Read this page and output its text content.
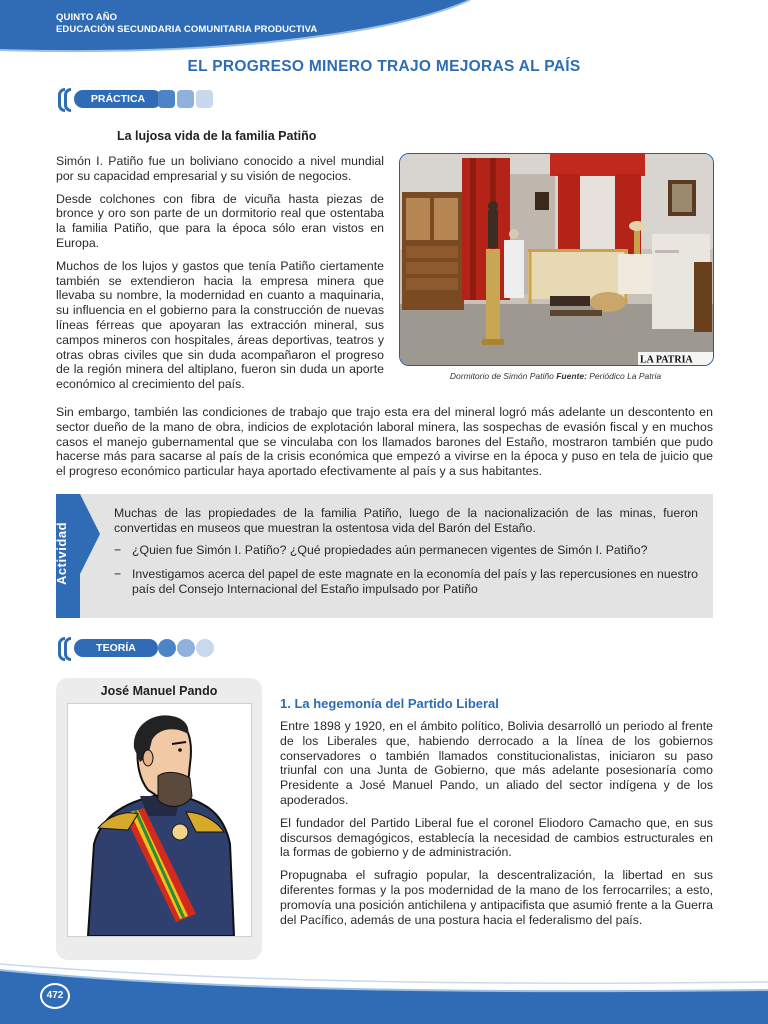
QUINTO AÑO
EDUCACIÓN SECUNDARIA COMUNITARIA PRODUCTIVA
EL PROGRESO MINERO TRAJO MEJORAS AL PAÍS
PRÁCTICA
La lujosa vida de la familia Patiño

Simón I. Patiño fue un boliviano conocido a nivel mundial por su capacidad empresarial y su visión de negocios.

Desde colchones con fibra de vicuña hasta piezas de bronce y oro son parte de un dormitorio real que ostentaba la familia Patiño, que para la época sólo eran vistos en Europa.

Muchos de los lujos y gastos que tenía Patiño ciertamente también se extendieron hacia la empresa minera que llevaba su nombre, la modernidad en cuanto a maquinaria, su influencia en el gobierno para la construcción de nuevas líneas férreas que apoyaran las extracción mineral, sus campos mineros con hospitales, áreas deportivas, teatros y otras obras civiles que sin duda acompañaron el progreso de la región minera del altiplano, fueron sin duda un aporte económico al crecimiento del país.

LA PATRIA
Dormitorio de Simón Patiño Fuente: Periódico La Patria

Sin embargo, también las condiciones de trabajo que trajo esta era del mineral logró más adelante un descontento en sector dueño de la mano de obra, indicios de explotación laboral minera, las sospechas de evasión fiscal y en muchos casos el manejo gubernamental que se vinculaba con los llamados barones del Estaño, mostraron también que pudo hacerse más para sacarse al país de la crisis económica que empezó a vivirse en la época y puso en tela de juicio que el progreso económico particular haya aportado efectivamente al país y a sus habitantes.

Actividad

Muchas de las propiedades de la familia Patiño, luego de la nacionalización de las minas, fueron convertidas en museos que muestran la ostentosa vida del Barón del Estaño.

− ¿Quien fue Simón I. Patiño? ¿Qué propiedades aún permanecen vigentes de Simón I. Patiño?

− Investigamos acerca del papel de este magnate en la economía del país y las repercusiones en nuestro país del Consejo Internacional del Estaño impulsado por Patiño

TEORÍA
José Manuel Pando
1. La hegemonía del Partido Liberal

Entre 1898 y 1920, en el ámbito político, Bolivia desarrolló un periodo al frente de los Liberales que, habiendo derrocado a la línea de los gobiernos conservadores o también llamados constitucionalistas, iniciaron su paso triunfal con una Junta de Gobierno, que más adelante posesionaría como Presidente a José Manuel Pando, un aliado del sector indígena y de los apoderados.

El fundador del Partido Liberal fue el coronel Eliodoro Camacho que, en sus discursos demagógicos, establecía la necesidad de cambios estructurales en la formas de gobierno y de administración.

Propugnaba el sufragio popular, la descentralización, la libertad en sus diferentes formas y la pos modernidad de la mano de los ferrocarriles; a esto, promovía una posición antichilena y antipacifista que asumió frente a la Guerra del Pacífico, además de una postura hacia el federalismo del país.

472
